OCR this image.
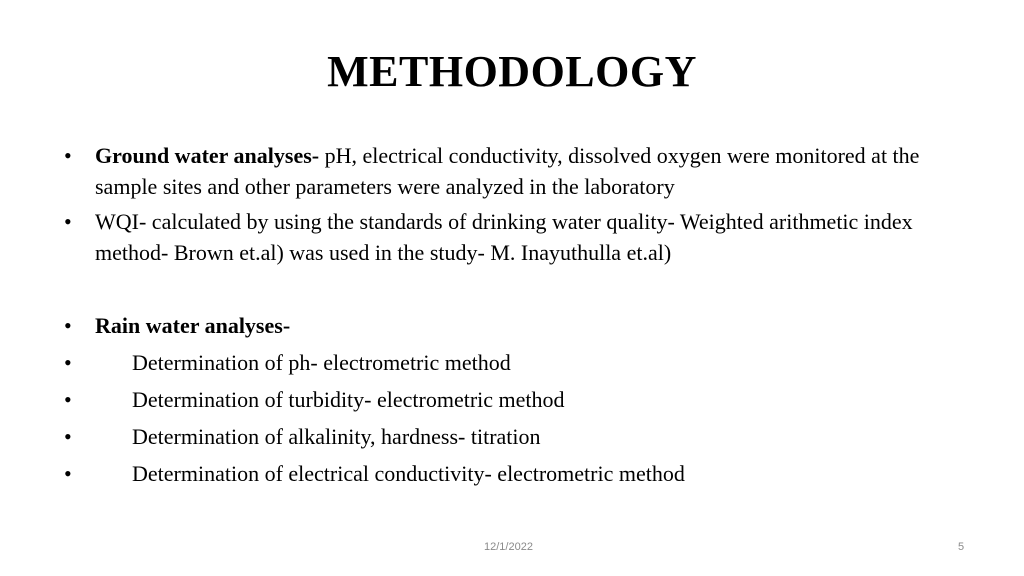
METHODOLOGY
• Ground water analyses- pH, electrical conductivity, dissolved oxygen were monitored at the sample sites and other parameters were analyzed in the laboratory
• WQI- calculated by using the standards of drinking water quality- Weighted arithmetic index method- Brown et.al) was used in the study- M. Inayuthulla et.al)
• Rain water analyses-
•	Determination of ph- electrometric method
•	Determination of turbidity- electrometric method
•	Determination of alkalinity, hardness- titration
•	Determination of electrical conductivity- electrometric method
12/1/2022	5
